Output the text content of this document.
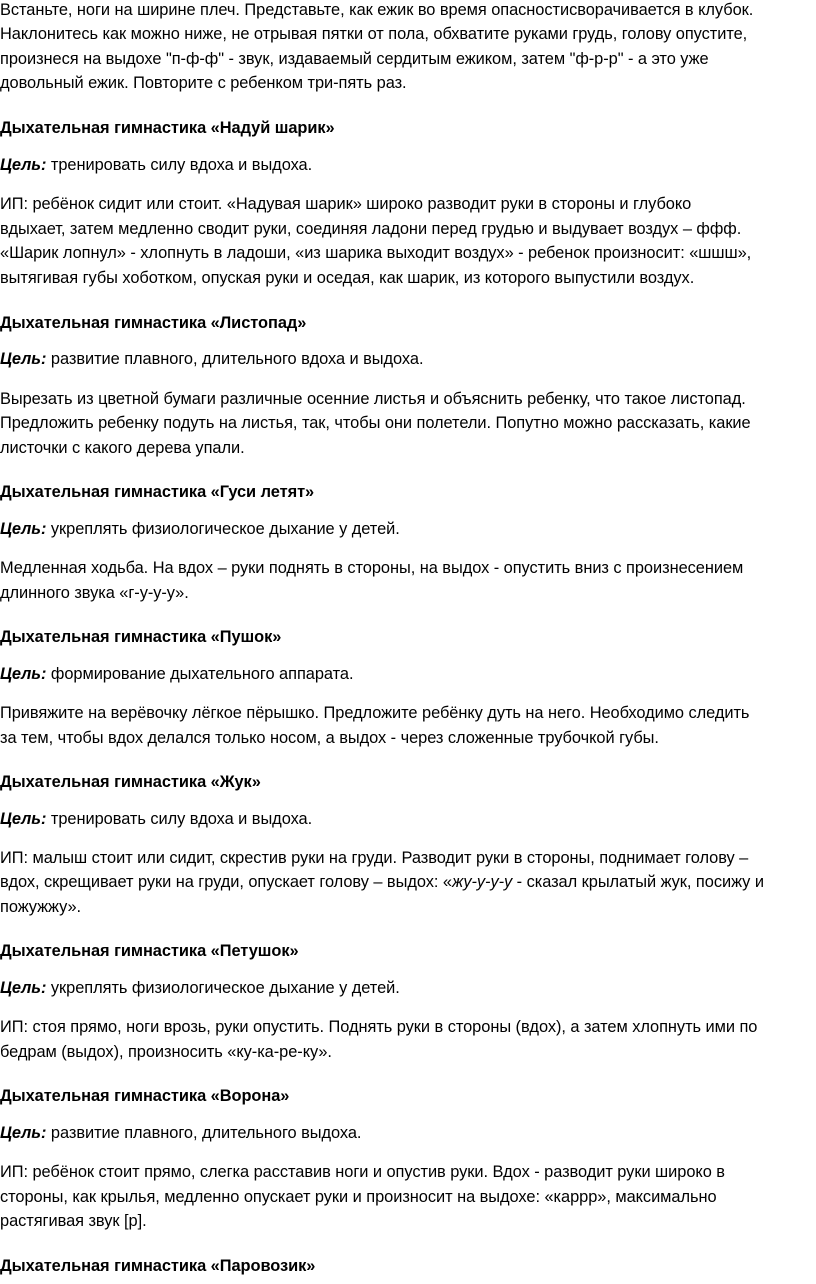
Встаньте, ноги на ширине плеч. Представьте, как ежик во время опасностисворачивается в клубок.
Наклонитесь как можно ниже, не отрывая пятки от пола, обхватите руками грудь, голову опустите,
произнеся на выдохе "п-ф-ф" - звук, издаваемый сердитым ежиком, затем "ф-р-р" - а это уже
довольный ежик. Повторите с ребенком три-пять раз.
Дыхательная гимнастика «Надуй шарик»
Цель: тренировать силу вдоха и выдоха.
ИП: ребёнок сидит или стоит. «Надувая шарик» широко разводит руки в стороны и глубоко
вдыхает, затем медленно сводит руки, соединяя ладони перед грудью и выдувает воздух – ффф.
«Шарик лопнул» - хлопнуть в ладоши, «из шарика выходит воздух» - ребенок произносит: «шшш»,
вытягивая губы хоботком, опуская руки и оседая, как шарик, из которого выпустили воздух.
Дыхательная гимнастика «Листопад»
Цель: развитие плавного, длительного вдоха и выдоха.
Вырезать из цветной бумаги различные осенние листья и объяснить ребенку, что такое листопад.
Предложить ребенку подуть на листья, так, чтобы они полетели. Попутно можно рассказать, какие
листочки с какого дерева упали.
Дыхательная гимнастика «Гуси летят»
Цель: укреплять физиологическое дыхание у детей.
Медленная ходьба. На вдох – руки поднять в стороны, на выдох - опустить вниз с произнесением
длинного звука «г-у-у-у».
Дыхательная гимнастика «Пушок»
Цель: формирование дыхательного аппарата.
Привяжите на верёвочку лёгкое пёрышко. Предложите ребёнку дуть на него. Необходимо следить
за тем, чтобы вдох делался только носом, а выдох - через сложенные трубочкой губы.
Дыхательная гимнастика «Жук»
Цель: тренировать силу вдоха и выдоха.
ИП: малыш стоит или сидит, скрестив руки на груди. Разводит руки в стороны, поднимает голову –
вдох, скрещивает руки на груди, опускает голову – выдох: «жу-у-у-у - сказал крылатый жук, посижу и
пожужжу».
Дыхательная гимнастика «Петушок»
Цель: укреплять физиологическое дыхание у детей.
ИП: стоя прямо, ноги врозь, руки опустить. Поднять руки в стороны (вдох), а затем хлопнуть ими по
бедрам (выдох), произносить «ку-ка-ре-ку».
Дыхательная гимнастика «Ворона»
Цель: развитие плавного, длительного выдоха.
ИП: ребёнок стоит прямо, слегка расставив ноги и опустив руки. Вдох - разводит руки широко в
стороны, как крылья, медленно опускает руки и произносит на выдохе: «каррр», максимально
растягивая звук [р].
Дыхательная гимнастика «Паровозик»
